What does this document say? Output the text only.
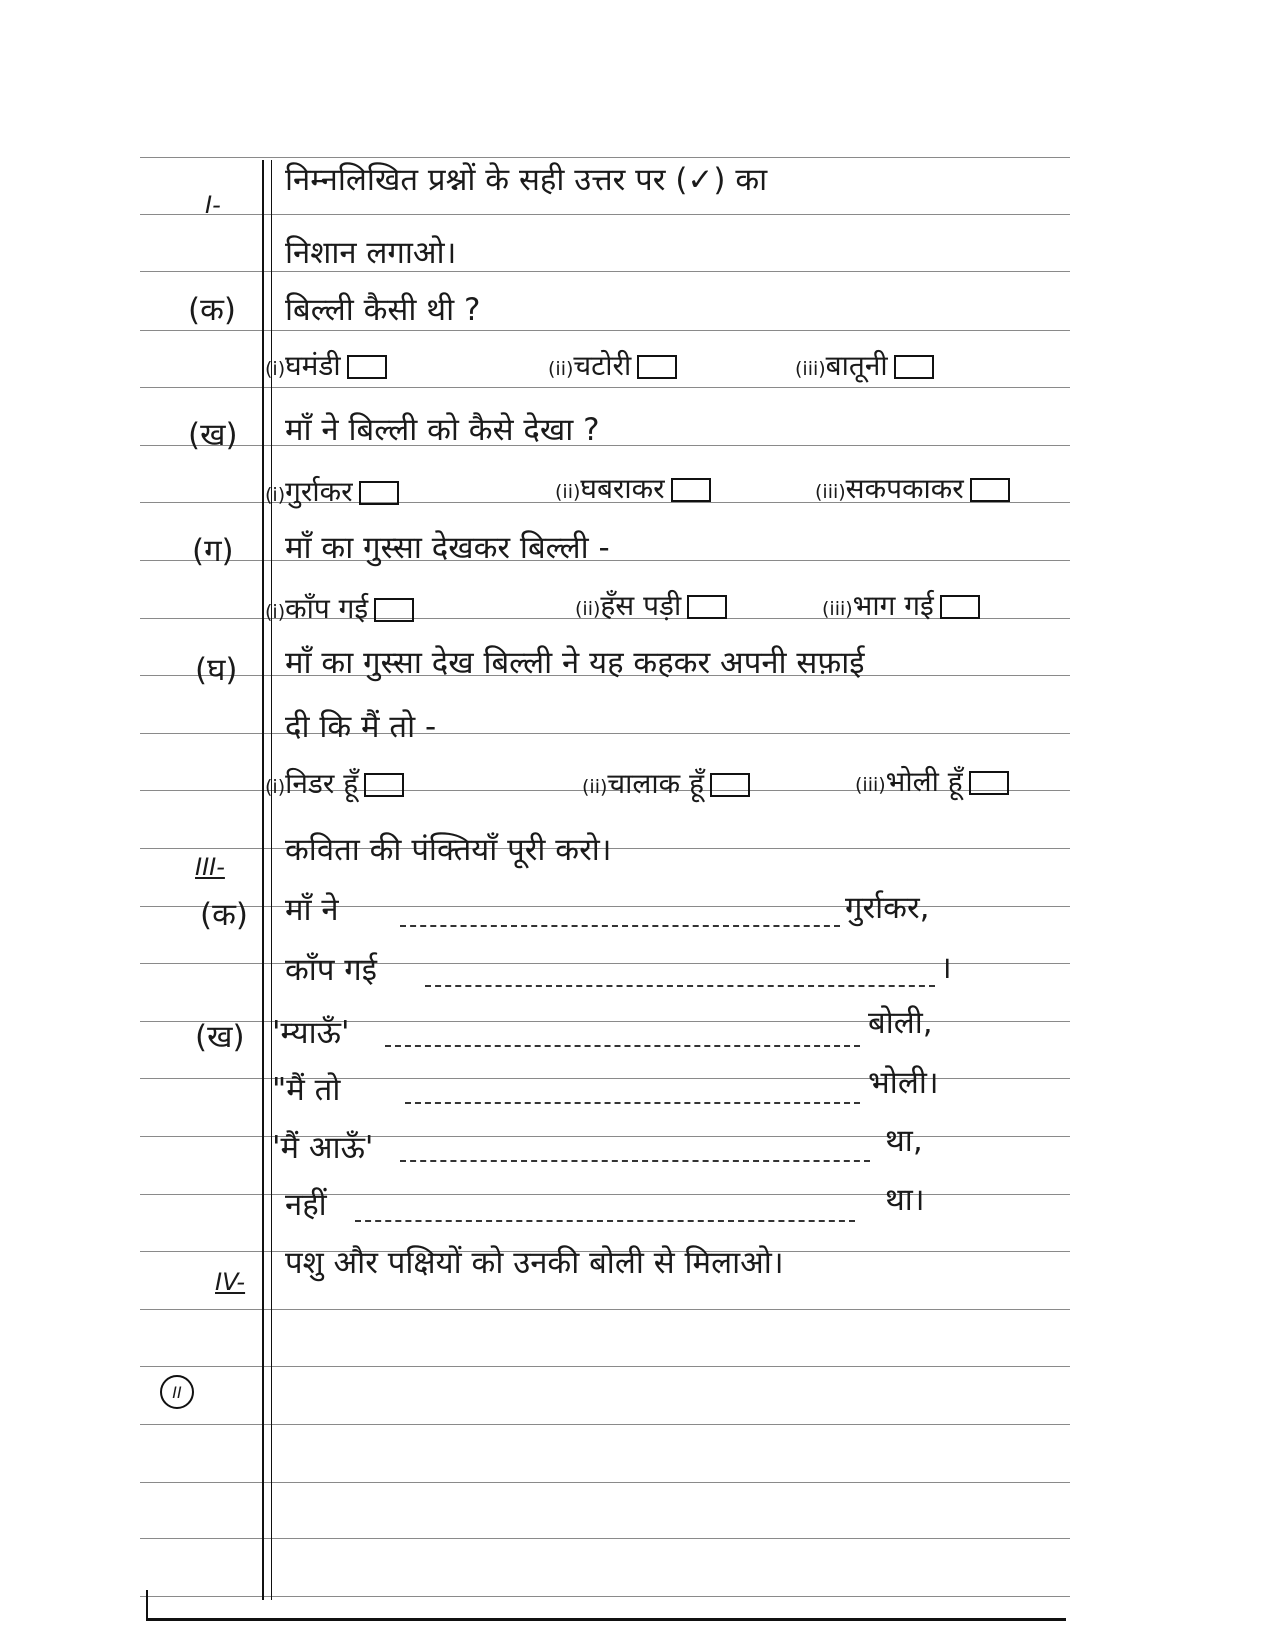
I-
निम्नलिखित प्रश्नों के सही उत्तर पर (✓) का
निशान लगाओ।
(क) बिल्ली कैसी थी ?
(i)घमंडी	(ii)चटोरी	(iii)बातूनी
(ख) माँ ने बिल्ली को कैसे देखा ?
(i)गुर्राकर	(ii)घबराकर	(iii)सकपकाकर
(ग) माँ का गुस्सा देखकर बिल्ली -
(i)काँप गई	(ii)हँस पड़ी	(iii)भाग गई
(घ) माँ का गुस्सा देख बिल्ली ने यह कहकर अपनी सफ़ाई
दी कि मैं तो -
(i)निडर हूँ	(ii)चालाक हूँ	(iii)भोली हूँ
III- कविता की पंक्तियाँ पूरी करो।
(क) माँ ने	गुर्राकर,
काँप गई	।
(ख) 'म्याऊँ'	बोली,
"मैं तो	भोली।
'मैं आऊँ'	था,
नहीं	था।
IV-
पशु और पक्षियों को उनकी बोली से मिलाओ।
II
